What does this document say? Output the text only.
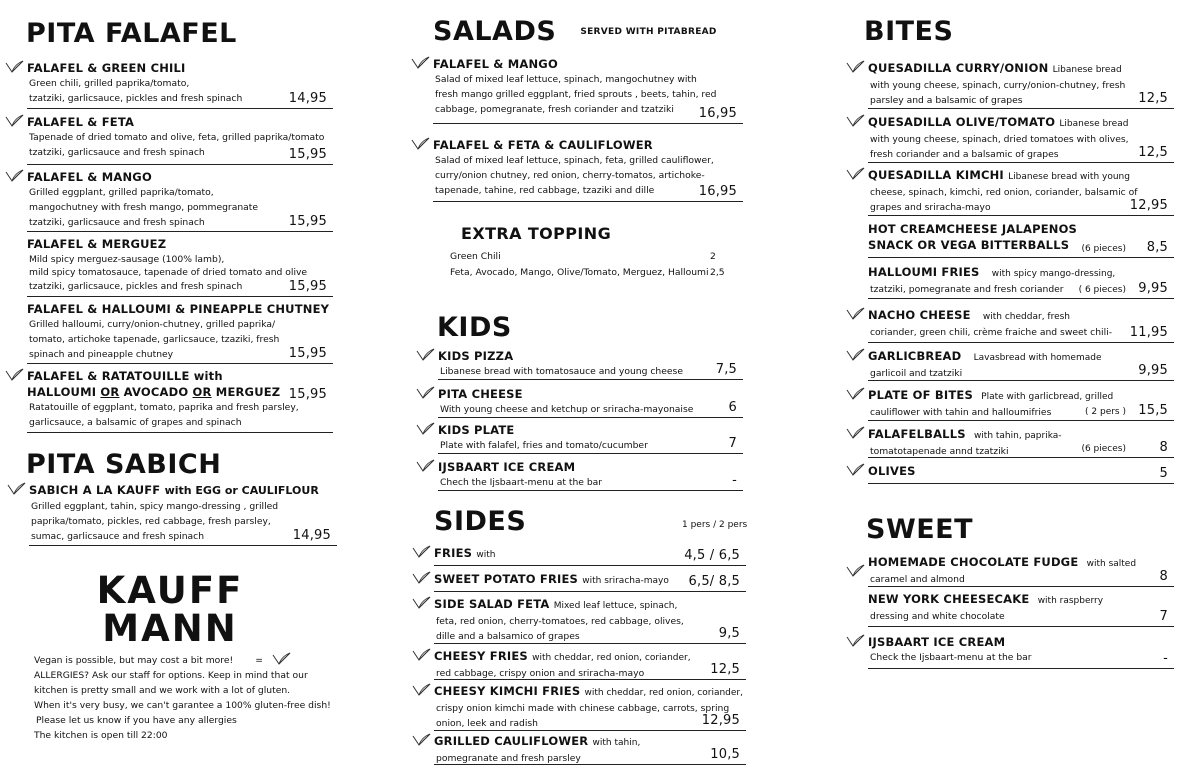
PITA FALAFEL
FALAFEL & GREEN CHILI
Green chili, grilled paprika/tomato,
tzatziki, garlicsauce, pickles and fresh spinach	14,95
FALAFEL & FETA
Tapenade of dried tomato and olive, feta, grilled paprika/tomato
tzatziki, garlicsauce and fresh spinach	15,95
FALAFEL & MANGO
Grilled eggplant, grilled paprika/tomato,
mangochutney with fresh mango, pommegranate
tzatziki, garlicsauce and fresh spinach	15,95
FALAFEL & MERGUEZ
Mild spicy merguez-sausage (100% lamb),
mild spicy tomatosauce, tapenade of dried tomato and olive
tzatziki, garlicsauce, pickles and fresh spinach	15,95
FALAFEL & HALLOUMI & PINEAPPLE CHUTNEY
Grilled halloumi, curry/onion-chutney, grilled paprika/
tomato, artichoke tapenade, garlicsauce, tzaziki, fresh
spinach and pineapple chutney	15,95
FALAFEL & RATATOUILLE with
HALLOUMI OR AVOCADO OR MERGUEZ
Ratatouille of eggplant, tomato, paprika and fresh parsley,
garlicsauce, a balsamic of grapes and spinach
15,95
PITA SABICH
SABICH A LA KAUFF with EGG or CAULIFLOUR
Grilled eggplant, tahin, spicy mango-dressing , grilled
paprika/tomato, pickles, red cabbage, fresh parsley,
sumac, garlicsauce and fresh spinach	14,95
KAUFF
MANN

Vegan is possible, but may cost a bit more! =

ALLERGIES? Ask our staff for options. Keep in mind that our

kitchen is pretty small and we work with a lot of gluten.

When it's very busy, we can't garantee a 100% gluten-free dish!

Please let us know if you have any allergies

The kitchen is open till 22:00

SALADS	SERVED WITH PITABREAD
FALAFEL & MANGO
Salad of mixed leaf lettuce, spinach, mangochutney with
fresh mango grilled eggplant, fried sprouts , beets, tahin, red
cabbage, pomegranate, fresh coriander and tzatziki	16,95
FALAFEL & FETA & CAULIFLOWER
Salad of mixed leaf lettuce, spinach, feta, grilled cauliflower,
curry/onion chutney, red onion, cherry-tomatos, artichoke-
tapenade, tahine, red cabbage, tzaziki and dille	16,95
EXTRA TOPPING
Green Chili	2
Feta, Avocado, Mango, Olive/Tomato, Merguez, Halloumi 2,5
KIDS
KIDS PIZZA
Libanese bread with tomatosauce and young cheese	7,5
PITA CHEESE
With young cheese and ketchup or sriracha-mayonaise	6
KIDS PLATE
Plate with falafel, fries and tomato/cucumber	7
IJSBAART ICE CREAM
Chech the Ijsbaart-menu at the bar	-
SIDES	1 pers / 2 pers
FRIES with	4,5 / 6,5
SWEET POTATO FRIES with sriracha-mayo	6,5/ 8,5
SIDE SALAD FETA Mixed leaf lettuce, spinach,
feta, red onion, cherry-tomatoes, red cabbage, olives,
dille and a balsamico of grapes	9,5
CHEESY FRIES with cheddar, red onion, coriander,
red cabbage, crispy onion and sriracha-mayo	12,5
CHEESY KIMCHI FRIES with cheddar, red onion, coriander,
crispy onion kimchi made with chinese cabbage, carrots, spring
onion, leek and radish	12,95
GRILLED CAULIFLOWER with tahin,
pomegranate and fresh parsley	10,5
BITES
QUESADILLA CURRY/ONION Libanese bread
with young cheese, spinach, curry/onion-chutney, fresh
parsley and a balsamic of grapes	12,5
QUESADILLA OLIVE/TOMATO Libanese bread
with young cheese, spinach, dried tomatoes with olives,
fresh coriander and a balsamic of grapes	12,5
QUESADILLA KIMCHI Libanese bread with young
cheese, spinach, kimchi, red onion, coriander, balsamic of
grapes and sriracha-mayo	12,95
HOT CREAMCHEESE JALAPENOS
SNACK OR VEGA BITTERBALLS	(6 pieces) 8,5
HALLOUMI FRIES with spicy mango-dressing,
tzatziki, pomegranate and fresh coriander	( 6 pieces) 9,95
NACHO CHEESE with cheddar, fresh
coriander, green chili, crème fraiche and sweet chili-	11,95
GARLICBREAD Lavasbread with homemade
garlicoil and tzatziki	9,95
PLATE OF BITES Plate with garlicbread, grilled
cauliflower with tahin and halloumifries	( 2 pers ) 15,5
FALAFELBALLS with tahin, paprika-
tomatotapenade annd tzatziki	(6 pieces)	8
OLIVES	5
SWEET
HOMEMADE CHOCOLATE FUDGE with salted
caramel and almond	8
NEW YORK CHEESECAKE with raspberry
dressing and white chocolate	7
IJSBAART ICE CREAM
Check the Ijsbaart-menu at the bar	-
